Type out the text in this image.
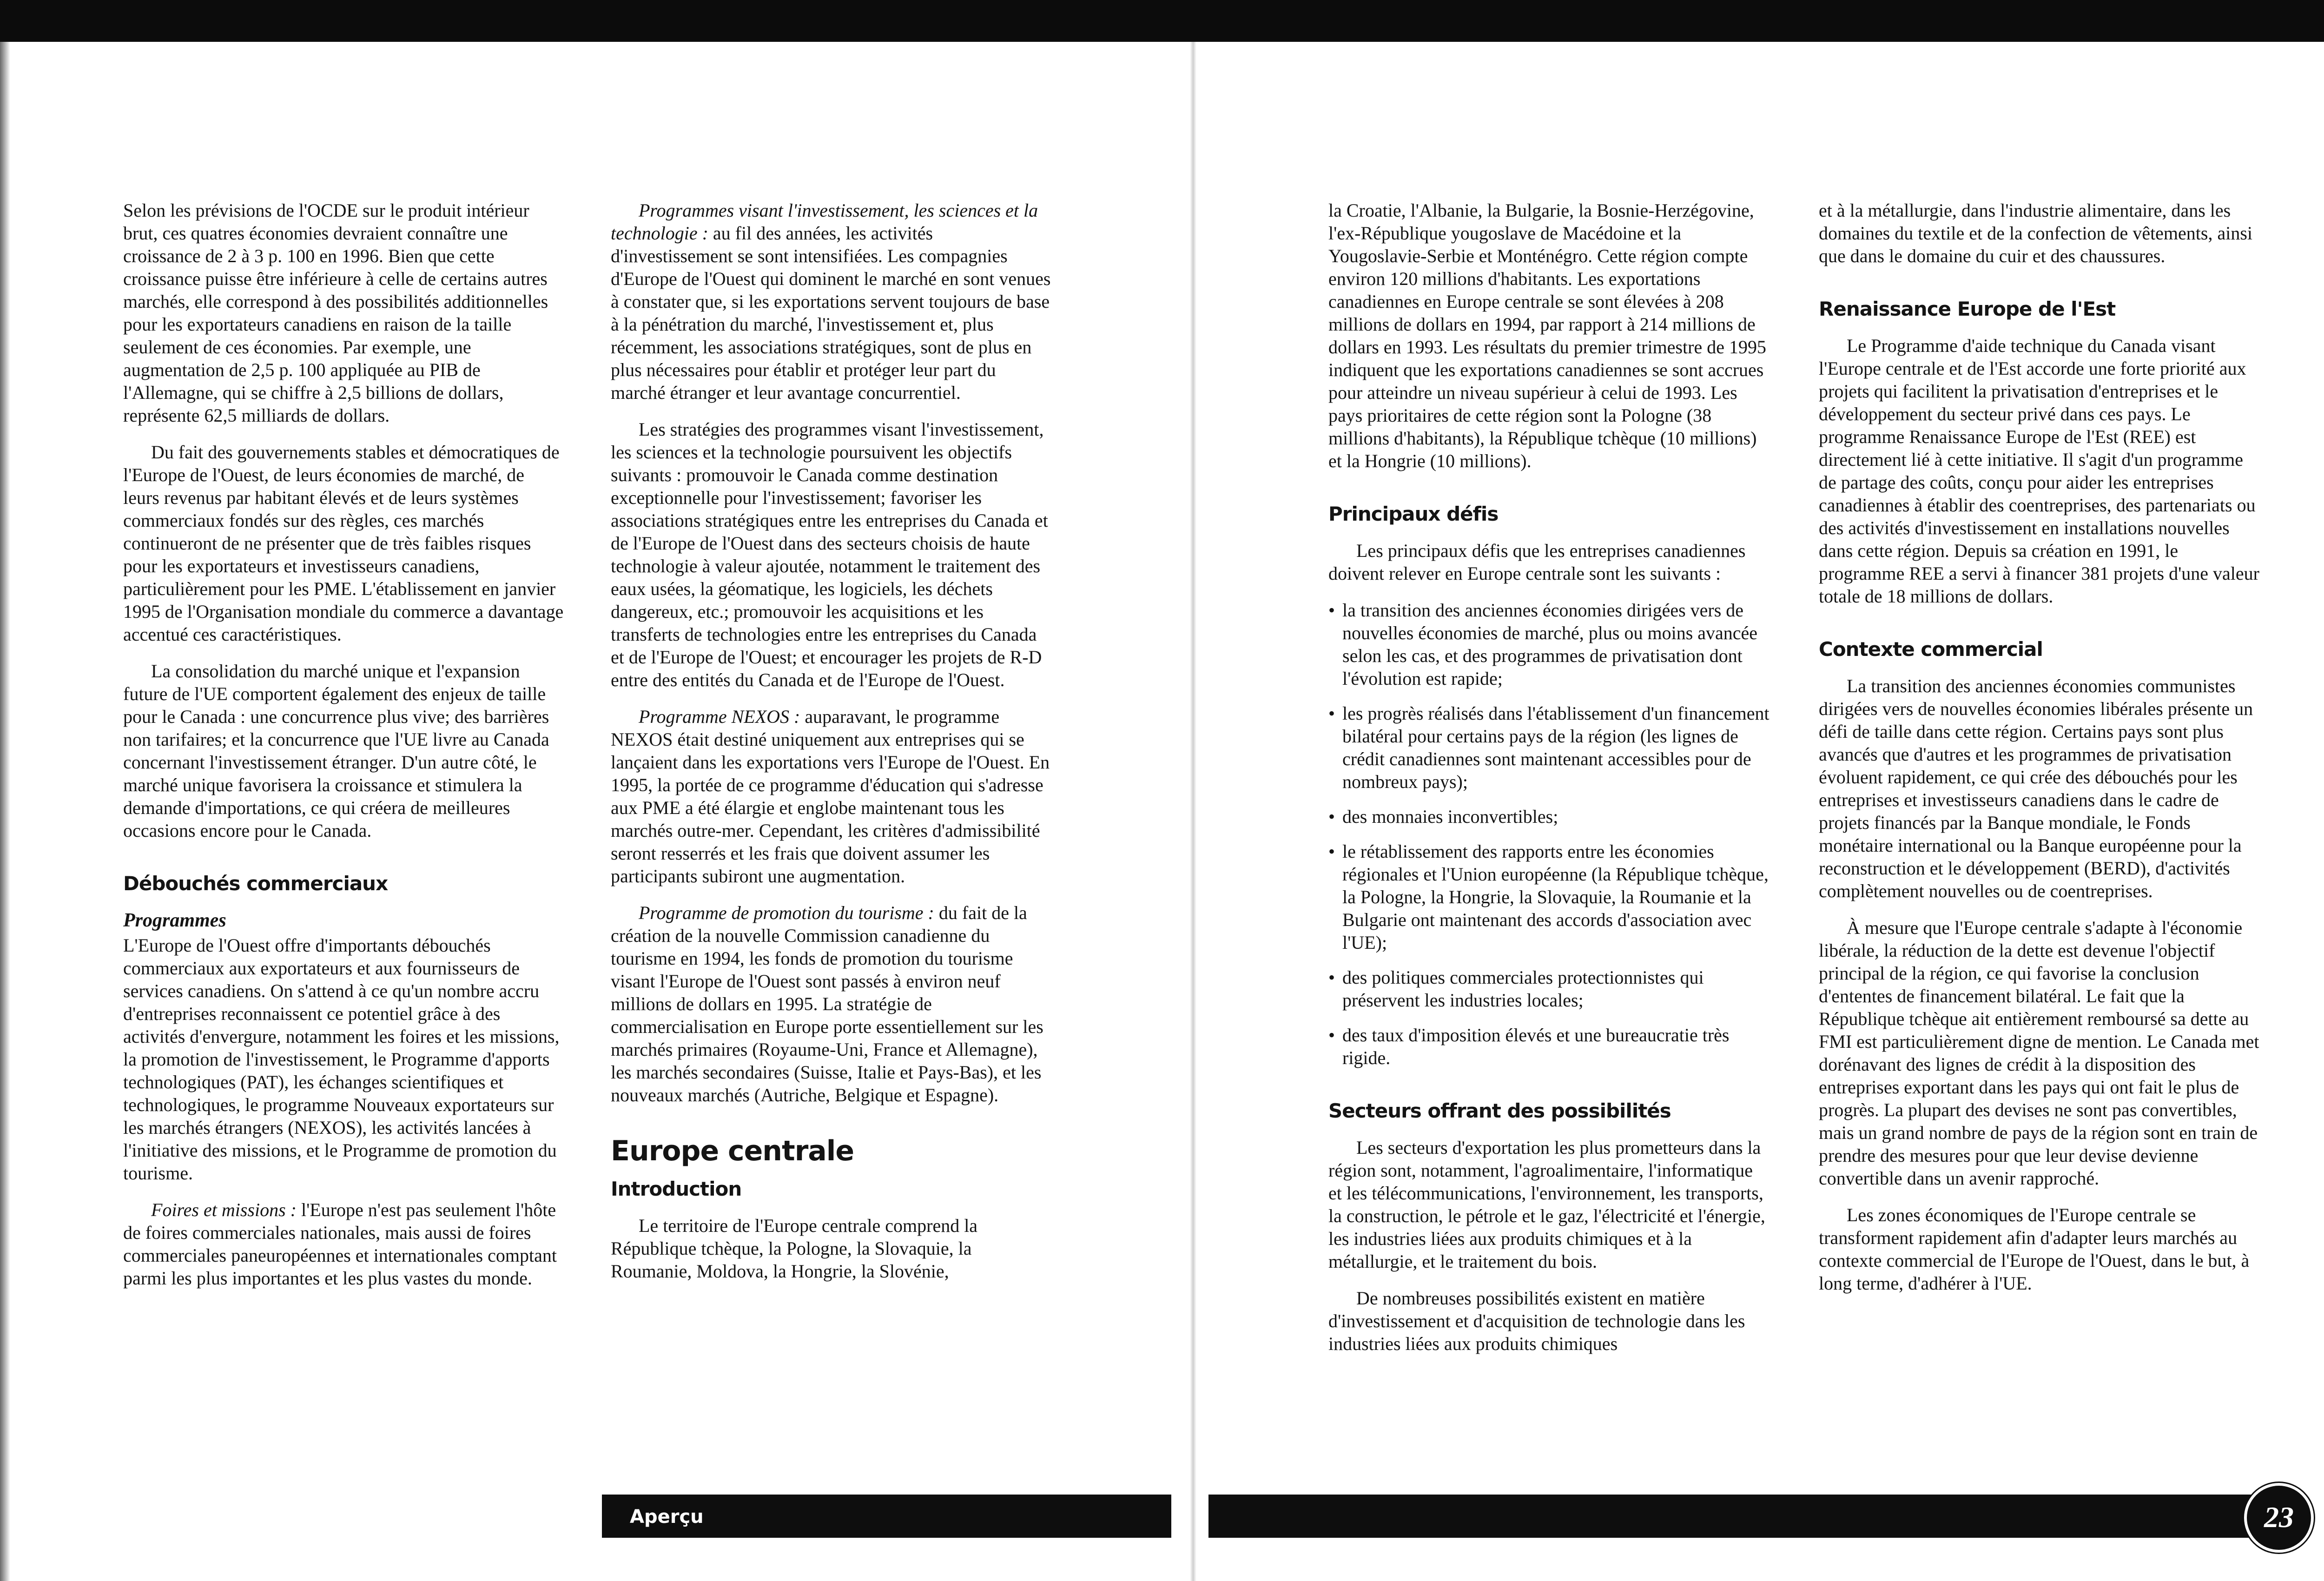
Selon les prévisions de l'OCDE sur le produit intérieur brut, ces quatres économies devraient connaître une croissance de 2 à 3 p. 100 en 1996. Bien que cette croissance puisse être inférieure à celle de certains autres marchés, elle correspond à des possibilités additionnelles pour les exportateurs canadiens en raison de la taille seulement de ces économies. Par exemple, une augmentation de 2,5 p. 100 appliquée au PIB de l'Allemagne, qui se chiffre à 2,5 billions de dollars, représente 62,5 milliards de dollars.

Du fait des gouvernements stables et démocratiques de l'Europe de l'Ouest, de leurs économies de marché, de leurs revenus par habitant élevés et de leurs systèmes commerciaux fondés sur des règles, ces marchés continueront de ne présenter que de très faibles risques pour les exportateurs et investisseurs canadiens, particulièrement pour les PME. L'établissement en janvier 1995 de l'Organisation mondiale du commerce a davantage accentué ces caractéristiques.

La consolidation du marché unique et l'expansion future de l'UE comportent également des enjeux de taille pour le Canada : une concurrence plus vive; des barrières non tarifaires; et la concurrence que l'UE livre au Canada concernant l'investissement étranger. D'un autre côté, le marché unique favorisera la croissance et stimulera la demande d'importations, ce qui créera de meilleures occasions encore pour le Canada.

Débouchés commerciaux
Programmes

L'Europe de l'Ouest offre d'importants débouchés commerciaux aux exportateurs et aux fournisseurs de services canadiens. On s'attend à ce qu'un nombre accru d'entreprises reconnaissent ce potentiel grâce à des activités d'envergure, notamment les foires et les missions, la promotion de l'investissement, le Programme d'apports technologiques (PAT), les échanges scientifiques et technologiques, le programme Nouveaux exportateurs sur les marchés étrangers (NEXOS), les activités lancées à l'initiative des missions, et le Programme de promotion du tourisme.

Foires et missions : l'Europe n'est pas seulement l'hôte de foires commerciales nationales, mais aussi de foires commerciales paneuropéennes et internationales comptant parmi les plus importantes et les plus vastes du monde.

Programmes visant l'investissement, les sciences et la technologie : au fil des années, les activités d'investissement se sont intensifiées. Les compagnies d'Europe de l'Ouest qui dominent le marché en sont venues à constater que, si les exportations servent toujours de base à la pénétration du marché, l'investissement et, plus récemment, les associations stratégiques, sont de plus en plus nécessaires pour établir et protéger leur part du marché étranger et leur avantage concurrentiel.

Les stratégies des programmes visant l'investissement, les sciences et la technologie poursuivent les objectifs suivants : promouvoir le Canada comme destination exceptionnelle pour l'investissement; favoriser les associations stratégiques entre les entreprises du Canada et de l'Europe de l'Ouest dans des secteurs choisis de haute technologie à valeur ajoutée, notamment le traitement des eaux usées, la géomatique, les logiciels, les déchets dangereux, etc.; promouvoir les acquisitions et les transferts de technologies entre les entreprises du Canada et de l'Europe de l'Ouest; et encourager les projets de R-D entre des entités du Canada et de l'Europe de l'Ouest.

Programme NEXOS : auparavant, le programme NEXOS était destiné uniquement aux entreprises qui se lançaient dans les exportations vers l'Europe de l'Ouest. En 1995, la portée de ce programme d'éducation qui s'adresse aux PME a été élargie et englobe maintenant tous les marchés outre-mer. Cependant, les critères d'admissibilité seront resserrés et les frais que doivent assumer les participants subiront une augmentation.

Programme de promotion du tourisme : du fait de la création de la nouvelle Commission canadienne du tourisme en 1994, les fonds de promotion du tourisme visant l'Europe de l'Ouest sont passés à environ neuf millions de dollars en 1995. La stratégie de commercialisation en Europe porte essentiellement sur les marchés primaires (Royaume-Uni, France et Allemagne), les marchés secondaires (Suisse, Italie et Pays-Bas), et les nouveaux marchés (Autriche, Belgique et Espagne).

Europe centrale
Introduction

Le territoire de l'Europe centrale comprend la République tchèque, la Pologne, la Slovaquie, la Roumanie, Moldova, la Hongrie, la Slovénie,

la Croatie, l'Albanie, la Bulgarie, la Bosnie-Herzégovine, l'ex-République yougoslave de Macédoine et la Yougoslavie-Serbie et Monténégro. Cette région compte environ 120 millions d'habitants. Les exportations canadiennes en Europe centrale se sont élevées à 208 millions de dollars en 1994, par rapport à 214 millions de dollars en 1993. Les résultats du premier trimestre de 1995 indiquent que les exportations canadiennes se sont accrues pour atteindre un niveau supérieur à celui de 1993. Les pays prioritaires de cette région sont la Pologne (38 millions d'habitants), la République tchèque (10 millions) et la Hongrie (10 millions).

Principaux défis

Les principaux défis que les entreprises canadiennes doivent relever en Europe centrale sont les suivants :

• la transition des anciennes économies dirigées vers de nouvelles économies de marché, plus ou moins avancée selon les cas, et des programmes de privatisation dont l'évolution est rapide;

• les progrès réalisés dans l'établissement d'un financement bilatéral pour certains pays de la région (les lignes de crédit canadiennes sont maintenant accessibles pour de nombreux pays);

• des monnaies inconvertibles;

• le rétablissement des rapports entre les économies régionales et l'Union européenne (la République tchèque, la Pologne, la Hongrie, la Slovaquie, la Roumanie et la Bulgarie ont maintenant des accords d'association avec l'UE);

• des politiques commerciales protectionnistes qui préservent les industries locales;

• des taux d'imposition élevés et une bureaucratie très rigide.

Secteurs offrant des possibilités

Les secteurs d'exportation les plus prometteurs dans la région sont, notamment, l'agroalimentaire, l'informatique et les télécommunications, l'environnement, les transports, la construction, le pétrole et le gaz, l'électricité et l'énergie, les industries liées aux produits chimiques et à la métallurgie, et le traitement du bois.

De nombreuses possibilités existent en matière d'investissement et d'acquisition de technologie dans les industries liées aux produits chimiques

et à la métallurgie, dans l'industrie alimentaire, dans les domaines du textile et de la confection de vêtements, ainsi que dans le domaine du cuir et des chaussures.

Renaissance Europe de l'Est

Le Programme d'aide technique du Canada visant l'Europe centrale et de l'Est accorde une forte priorité aux projets qui facilitent la privatisation d'entreprises et le développement du secteur privé dans ces pays. Le programme Renaissance Europe de l'Est (REE) est directement lié à cette initiative. Il s'agit d'un programme de partage des coûts, conçu pour aider les entreprises canadiennes à établir des coentreprises, des partenariats ou des activités d'investissement en installations nouvelles dans cette région. Depuis sa création en 1991, le programme REE a servi à financer 381 projets d'une valeur totale de 18 millions de dollars.

Contexte commercial

La transition des anciennes économies communistes dirigées vers de nouvelles économies libérales présente un défi de taille dans cette région. Certains pays sont plus avancés que d'autres et les programmes de privatisation évoluent rapidement, ce qui crée des débouchés pour les entreprises et investisseurs canadiens dans le cadre de projets financés par la Banque mondiale, le Fonds monétaire international ou la Banque européenne pour la reconstruction et le développement (BERD), d'activités complètement nouvelles ou de coentreprises.

À mesure que l'Europe centrale s'adapte à l'économie libérale, la réduction de la dette est devenue l'objectif principal de la région, ce qui favorise la conclusion d'ententes de financement bilatéral. Le fait que la République tchèque ait entièrement remboursé sa dette au FMI est particulièrement digne de mention. Le Canada met dorénavant des lignes de crédit à la disposition des entreprises exportant dans les pays qui ont fait le plus de progrès. La plupart des devises ne sont pas convertibles, mais un grand nombre de pays de la région sont en train de prendre des mesures pour que leur devise devienne convertible dans un avenir rapproché.

Les zones économiques de l'Europe centrale se transforment rapidement afin d'adapter leurs marchés au contexte commercial de l'Europe de l'Ouest, dans le but, à long terme, d'adhérer à l'UE.

Aperçu	23
